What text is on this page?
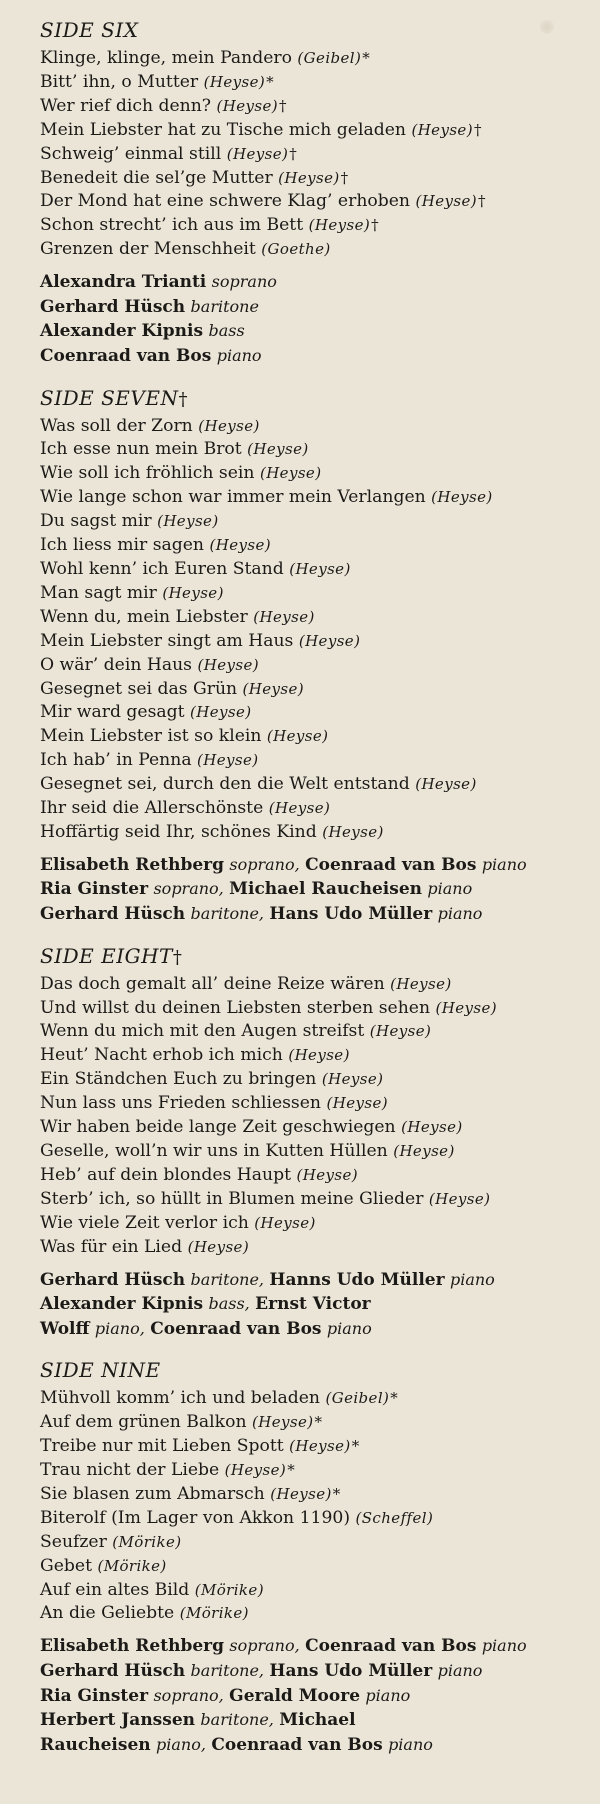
SIDE SIX
Klinge, klinge, mein Pandero (Geibel)*
Bitt’ ihn, o Mutter (Heyse)*
Wer rief dich denn? (Heyse)†
Mein Liebster hat zu Tische mich geladen (Heyse)†
Schweig’ einmal still (Heyse)†
Benedeit die sel’ge Mutter (Heyse)†
Der Mond hat eine schwere Klag’ erhoben (Heyse)†
Schon strecht’ ich aus im Bett (Heyse)†
Grenzen der Menschheit (Goethe)
Alexandra Trianti soprano
Gerhard Hüsch baritone
Alexander Kipnis bass
Coenraad van Bos piano
SIDE SEVEN†
Was soll der Zorn (Heyse)
Ich esse nun mein Brot (Heyse)
Wie soll ich fröhlich sein (Heyse)
Wie lange schon war immer mein Verlangen (Heyse)
Du sagst mir (Heyse)
Ich liess mir sagen (Heyse)
Wohl kenn’ ich Euren Stand (Heyse)
Man sagt mir (Heyse)
Wenn du, mein Liebster (Heyse)
Mein Liebster singt am Haus (Heyse)
O wär’ dein Haus (Heyse)
Gesegnet sei das Grün (Heyse)
Mir ward gesagt (Heyse)
Mein Liebster ist so klein (Heyse)
Ich hab’ in Penna (Heyse)
Gesegnet sei, durch den die Welt entstand (Heyse)
Ihr seid die Allerschönste (Heyse)
Hoffärtig seid Ihr, schönes Kind (Heyse)
Elisabeth Rethberg soprano, Coenraad van Bos piano
Ria Ginster soprano, Michael Raucheisen piano
Gerhard Hüsch baritone, Hans Udo Müller piano
SIDE EIGHT†
Das doch gemalt all’ deine Reize wären (Heyse)
Und willst du deinen Liebsten sterben sehen (Heyse)
Wenn du mich mit den Augen streifst (Heyse)
Heut’ Nacht erhob ich mich (Heyse)
Ein Ständchen Euch zu bringen (Heyse)
Nun lass uns Frieden schliessen (Heyse)
Wir haben beide lange Zeit geschwiegen (Heyse)
Geselle, woll’n wir uns in Kutten Hüllen (Heyse)
Heb’ auf dein blondes Haupt (Heyse)
Sterb’ ich, so hüllt in Blumen meine Glieder (Heyse)
Wie viele Zeit verlor ich (Heyse)
Was für ein Lied (Heyse)
Gerhard Hüsch baritone, Hanns Udo Müller piano
Alexander Kipnis bass, Ernst Victor
Wolff piano, Coenraad van Bos piano
SIDE NINE
Mühvoll komm’ ich und beladen (Geibel)*
Auf dem grünen Balkon (Heyse)*
Treibe nur mit Lieben Spott (Heyse)*
Trau nicht der Liebe (Heyse)*
Sie blasen zum Abmarsch (Heyse)*
Biterolf (Im Lager von Akkon 1190) (Scheffel)
Seufzer (Mörike)
Gebet (Mörike)
Auf ein altes Bild (Mörike)
An die Geliebte (Mörike)
Elisabeth Rethberg soprano, Coenraad van Bos piano
Gerhard Hüsch baritone, Hans Udo Müller piano
Ria Ginster soprano, Gerald Moore piano
Herbert Janssen baritone, Michael
Raucheisen piano, Coenraad van Bos piano
